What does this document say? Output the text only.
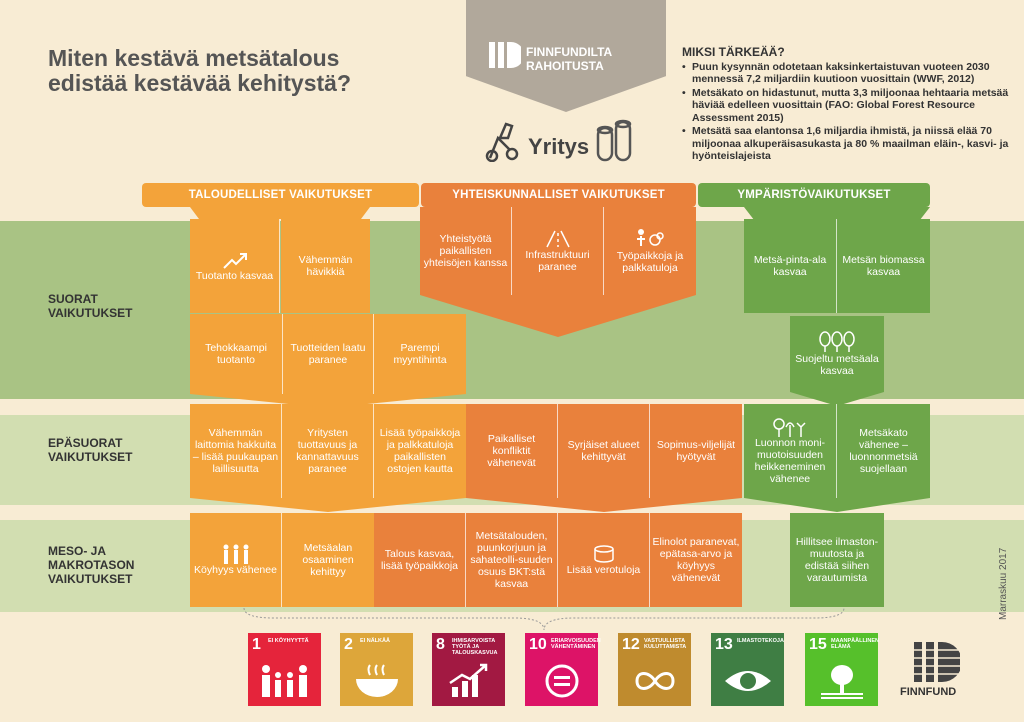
Miten kestävä metsätalous
edistää kestävää kehitystä?
FINNFUNDILTA
RAHOITUSTA
Yritys
MIKSI TÄRKEÄÄ?
• Puun kysynnän odotetaan kaksinkertaistuvan vuoteen 2030 mennessä 7,2 miljardiin kuutioon vuosittain (WWF, 2012)
• Metsäkato on hidastunut, mutta 3,3 miljoonaa hehtaaria metsää häviää edelleen vuosittain (FAO: Global Forest Resource Assessment 2015)
• Metsätä saa elantonsa 1,6 miljardia ihmistä, ja niissä elää 70 miljoonaa alkuperäisasukasta ja 80 % maailman eläin-, kasvi- ja hyönteislajeista
TALOUDELLISET VAIKUTUKSET	YHTEISKUNNALLISET VAIKUTUKSET	YMPÄRISTÖVAIKUTUKSET
SUORAT VAIKUTUKSET
EPÄSUORAT VAIKUTUKSET
MESO- JA
MAKROTASON
VAIKUTUKSET
Tuotanto kasvaa
Vähemmän hävikkiä
Tehokkaampi tuotanto
Tuotteiden laatu paranee
Parempi myyntihinta
Yhteistyötä paikallisten yhteisöjen kanssa
Infrastruktuuri paranee
Työpaikkoja ja palkkatuloja
Metsä-pinta-ala kasvaa
Metsän biomassa kasvaa
Suojeltu metsäala kasvaa
Vähemmän laittomia hakkuita – lisää puukaupan laillisuutta
Yritysten tuottavuus ja kannattavuus paranee
Lisää työpaikkoja ja palkkatuloja paikallisten ostojen kautta
Paikalliset konfliktit vähenevät
Syrjäiset alueet kehittyvät
Sopimus-viljelijät hyötyvät
Luonnon moni-muotoisuuden heikkeneminen vähenee
Metsäkato vähenee – luonnonmetsiä suojellaan
Köyhyys vähenee
Metsäalan osaaminen kehittyy
Talous kasvaa, lisää työpaikkoja
Metsätalouden, puunkorjuun ja sahateolli-suuden osuus BKT:stä kasvaa
Lisää verotuloja
Elinolot paranevat, epätasa-arvo ja köyhyys vähenevät
Hillitsee ilmaston-muutosta ja edistää siihen varautumista
1 EI KÖYHYYTTÄ	2 EI NÄLKÄÄ	8 IHMISARVOISTA TYÖTÄ JA TALOUSKASVUA 10 ERIARVOISUUDEN VÄHENTÄMINEN 12 VASTUULLISTA KULUTTAMISTA 13 ILMASTOTEKOJA 15 MAANPÄÄLLINEN ELÄMÄ
FINNFUND
Marraskuu 2017
